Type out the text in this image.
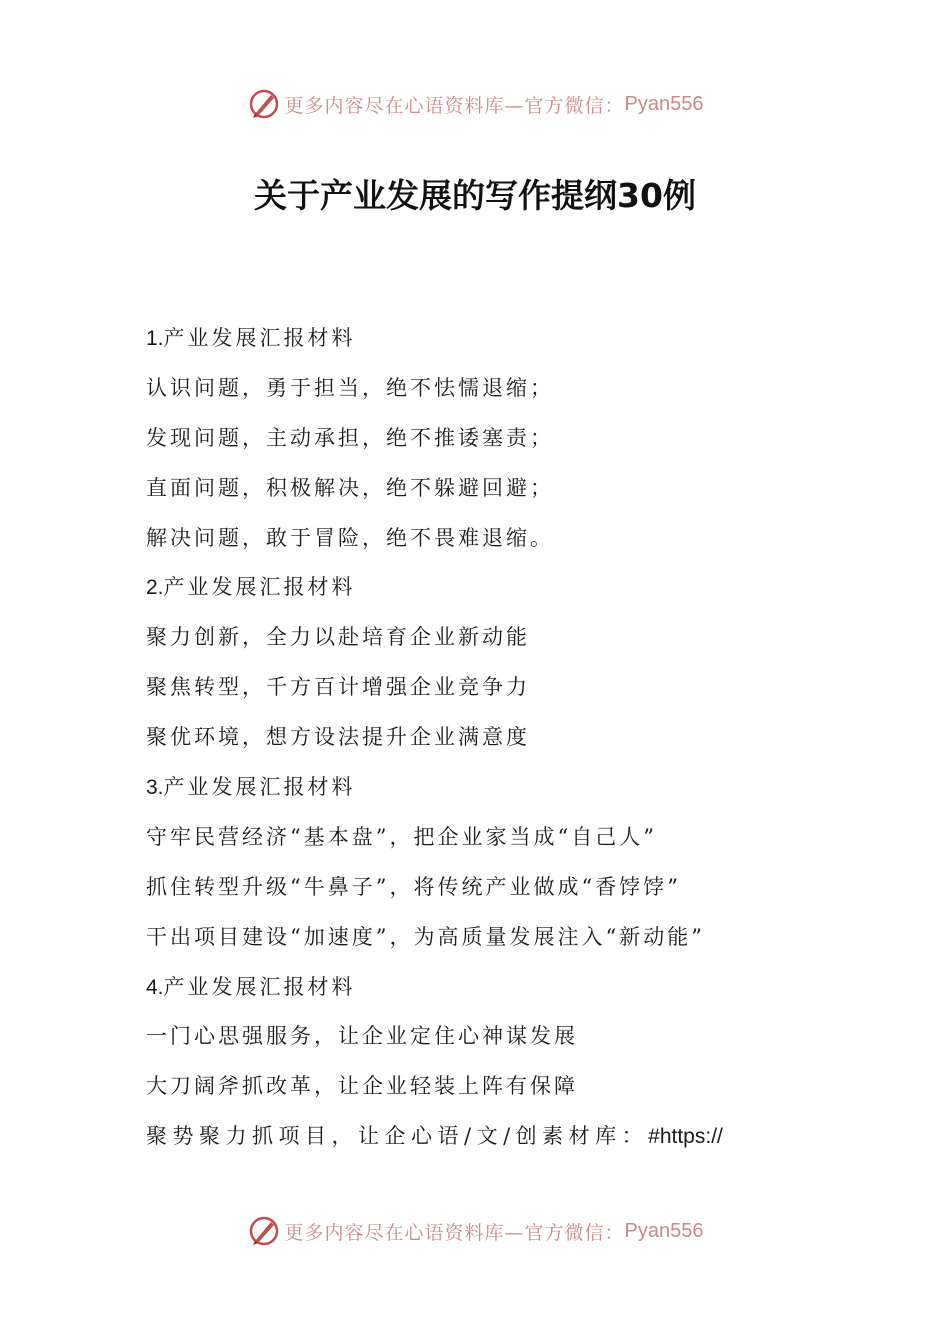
更多内容尽在心语资料库—官方微信： Pyan556
关于产业发展的写作提纲30例
1.产业发展汇报材料
认识问题，勇于担当，绝不怯懦退缩；
发现问题，主动承担，绝不推诿塞责；
直面问题，积极解决，绝不躲避回避；
解决问题，敢于冒险，绝不畏难退缩。
2.产业发展汇报材料
聚力创新，全力以赴培育企业新动能
聚焦转型，千方百计增强企业竞争力
聚优环境，想方设法提升企业满意度
3.产业发展汇报材料
守牢民营经济“基本盘”，把企业家当成“自己人”
抓住转型升级“牛鼻子”，将传统产业做成“香饽饽”
干出项目建设“加速度”，为高质量发展注入“新动能”
4.产业发展汇报材料
一门心思强服务，让企业定住心神谋发展
大刀阔斧抓改革，让企业轻装上阵有保障
聚势聚力抓项目，让企心语/文/创素材库：#https://
更多内容尽在心语资料库—官方微信： Pyan556
